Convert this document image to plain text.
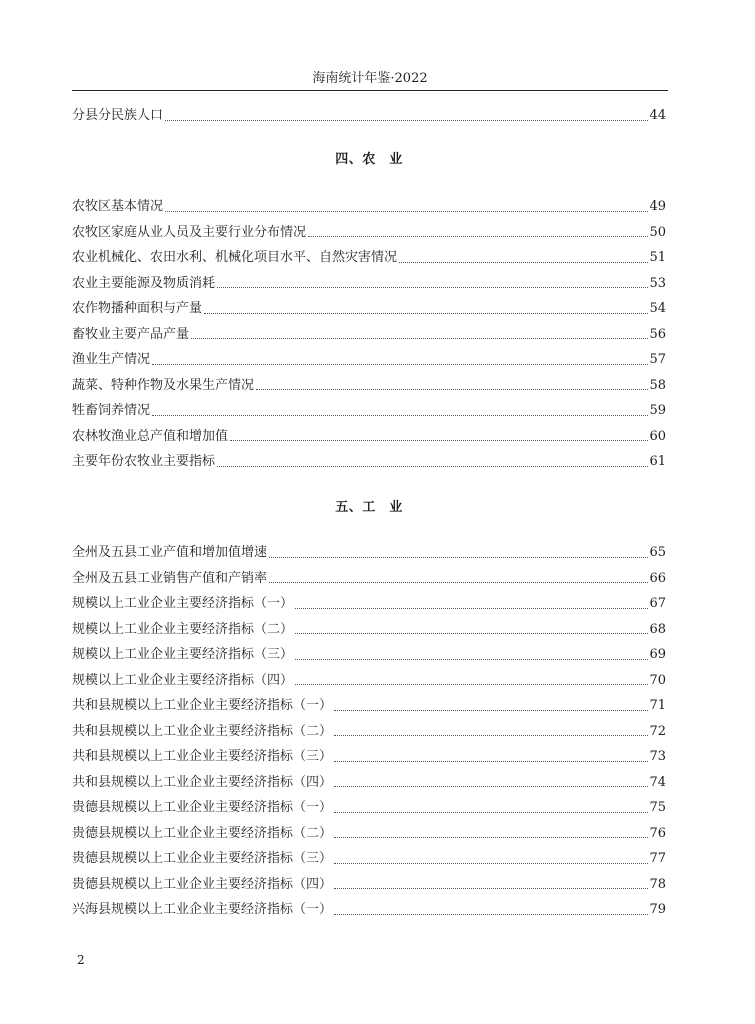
海南统计年鉴·2022
分县分民族人口	44
四、农　业
农牧区基本情况	49
农牧区家庭从业人员及主要行业分布情况	50
农业机械化、农田水利、机械化项目水平、自然灾害情况	51
农业主要能源及物质消耗	53
农作物播种面积与产量	54
畜牧业主要产品产量	56
渔业生产情况	57
蔬菜、特种作物及水果生产情况	58
牲畜饲养情况	59
农林牧渔业总产值和增加值	60
主要年份农牧业主要指标	61
五、工　业
全州及五县工业产值和增加值增速	65
全州及五县工业销售产值和产销率	66
规模以上工业企业主要经济指标（一）	67
规模以上工业企业主要经济指标（二）	68
规模以上工业企业主要经济指标（三）	69
规模以上工业企业主要经济指标（四）	70
共和县规模以上工业企业主要经济指标（一）	71
共和县规模以上工业企业主要经济指标（二）	72
共和县规模以上工业企业主要经济指标（三）	73
共和县规模以上工业企业主要经济指标（四）	74
贵德县规模以上工业企业主要经济指标（一）	75
贵德县规模以上工业企业主要经济指标（二）	76
贵德县规模以上工业企业主要经济指标（三）	77
贵德县规模以上工业企业主要经济指标（四）	78
兴海县规模以上工业企业主要经济指标（一）	79
2
